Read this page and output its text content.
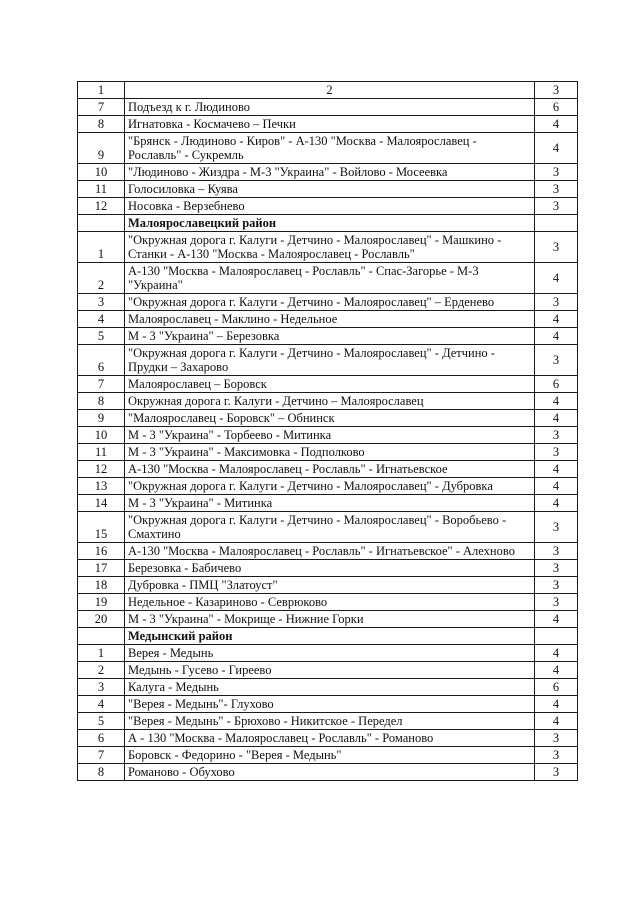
1	2	3
7	Подъезд к г. Людиново	6
8	Игнатовка - Космачево – Печки	4
9	"Брянск - Людиново - Киров" - А-130 "Москва - Малоярославец - Рославль" - Сукремль	4
10	"Людиново - Жиздра - М-3 "Украина" - Войлово - Мосеевка	3
11	Голосиловка – Куява	3
12	Носовка - Верзебнево	3
	Малоярославецкий район	
1	"Окружная дорога г. Калуги - Детчино - Малоярославец" - Машкино - Станки - А-130 "Москва - Малоярославец - Рославль"	3
2	А-130 "Москва - Малоярославец - Рославль" - Спас-Загорье - М-3 "Украина"	4
3	"Окружная дорога г. Калуги - Детчино - Малоярославец" – Ерденево	3
4	Малоярославец - Маклино - Недельное	4
5	М - 3 "Украина" – Березовка	4
6	"Окружная дорога г. Калуги - Детчино - Малоярославец" - Детчино - Прудки – Захарово	3
7	Малоярославец – Боровск	6
8	Окружная дорога г. Калуги - Детчино – Малоярославец	4
9	"Малоярославец - Боровск" – Обнинск	4
10	М - 3 "Украина" - Торбеево - Митинка	3
11	М - 3 "Украина" - Максимовка - Подполково	3
12	А-130 "Москва - Малоярославец - Рославль" - Игнатьевское	4
13	"Окружная дорога г. Калуги - Детчино - Малоярославец" - Дубровка	4
14	М - 3 "Украина" - Митинка	4
15	"Окружная дорога г. Калуги - Детчино - Малоярославец" - Воробьево - Смахтино	3
16	А-130 "Москва - Малоярославец - Рославль" - Игнатьевское" - Алехново	3
17	Березовка - Бабичево	3
18	Дубровка - ПМЦ "Златоуст"	3
19	Недельное - Казариново - Севрюково	3
20	М - 3 "Украина" - Мокрище - Нижние Горки	4
	Медынский район	
1	Верея - Медынь	4
2	Медынь - Гусево - Гиреево	4
3	Калуга - Медынь	6
4	"Верея - Медынь"- Глухово	4
5	"Верея - Медынь" - Брюхово - Никитское - Передел	4
6	А - 130 "Москва - Малоярославец - Рославль" - Романово	3
7	Боровск - Федорино - "Верея - Медынь"	3
8	Романово - Обухово	3
